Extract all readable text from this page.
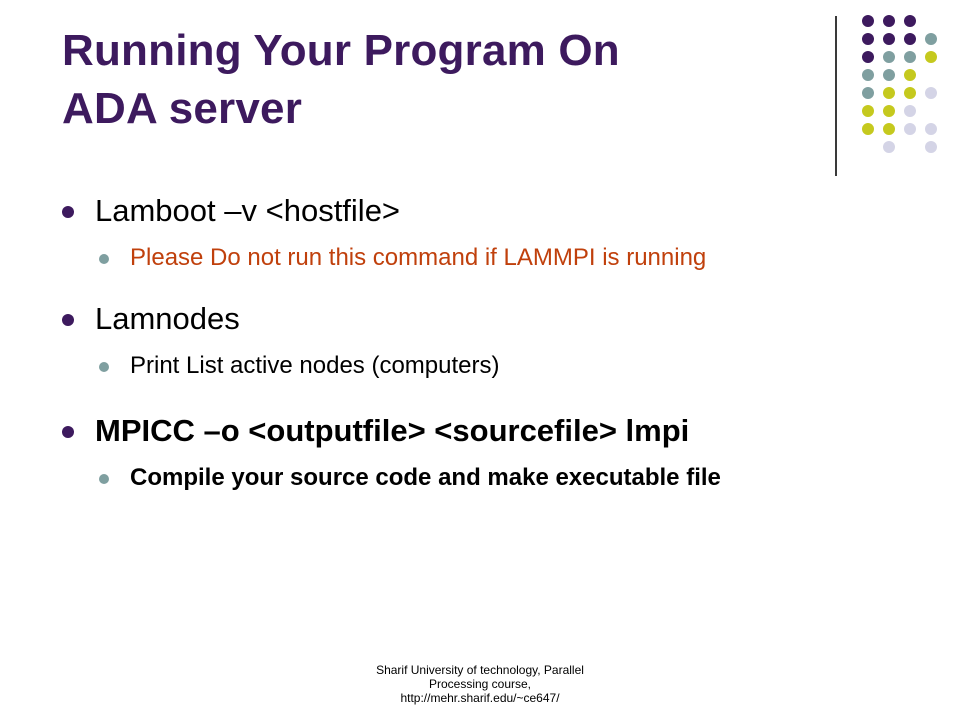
Running Your Program On
ADA server
Lamboot –v <hostfile>
Please Do not run this command if LAMMPI is running
Lamnodes
Print List active nodes (computers)
MPICC –o <outputfile> <sourcefile> lmpi
Compile your source code and make executable file
Sharif University of technology, Parallel
Processing course,
http://mehr.sharif.edu/~ce647/
